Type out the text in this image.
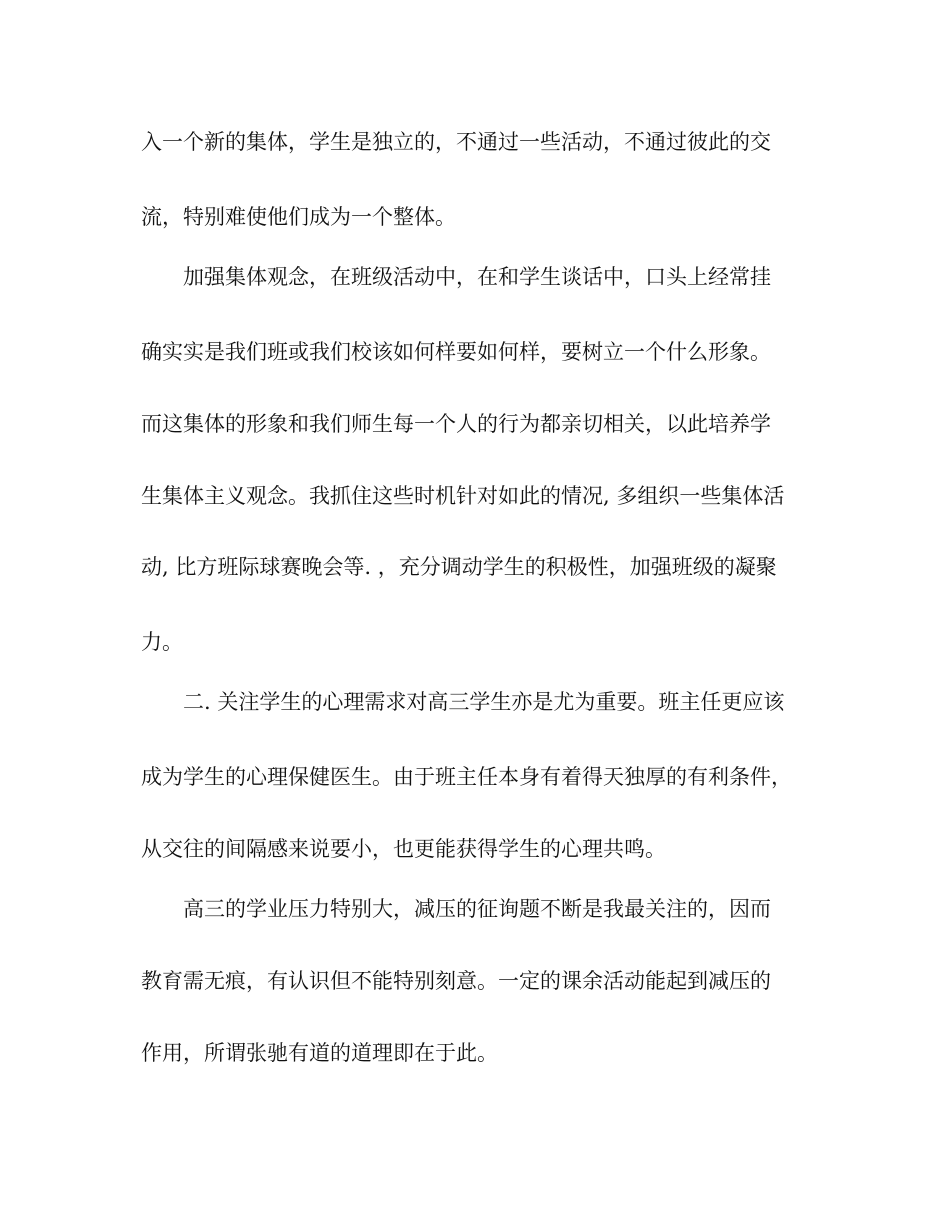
入一个新的集体，学生是独立的，不通过一些活动，不通过彼此的交

流，特别难使他们成为一个整体。

加强集体观念，在班级活动中，在和学生谈话中，口头上经常挂

确实实是我们班或我们校该如何样要如何样，要树立一个什么形象。

而这集体的形象和我们师生每一个人的行为都亲切相关，以此培养学

生集体主义观念。我抓住这些时机针对如此的情况, 多组织一些集体活

动, 比方班际球赛晚会等. ，充分调动学生的积极性，加强班级的凝聚

力。

二. 关注学生的心理需求对高三学生亦是尤为重要。班主任更应该

成为学生的心理保健医生。由于班主任本身有着得天独厚的有利条件，

从交往的间隔感来说要小，也更能获得学生的心理共鸣。

高三的学业压力特别大，减压的征询题不断是我最关注的，因而

教育需无痕，有认识但不能特别刻意。一定的课余活动能起到减压的

作用，所谓张驰有道的道理即在于此。
